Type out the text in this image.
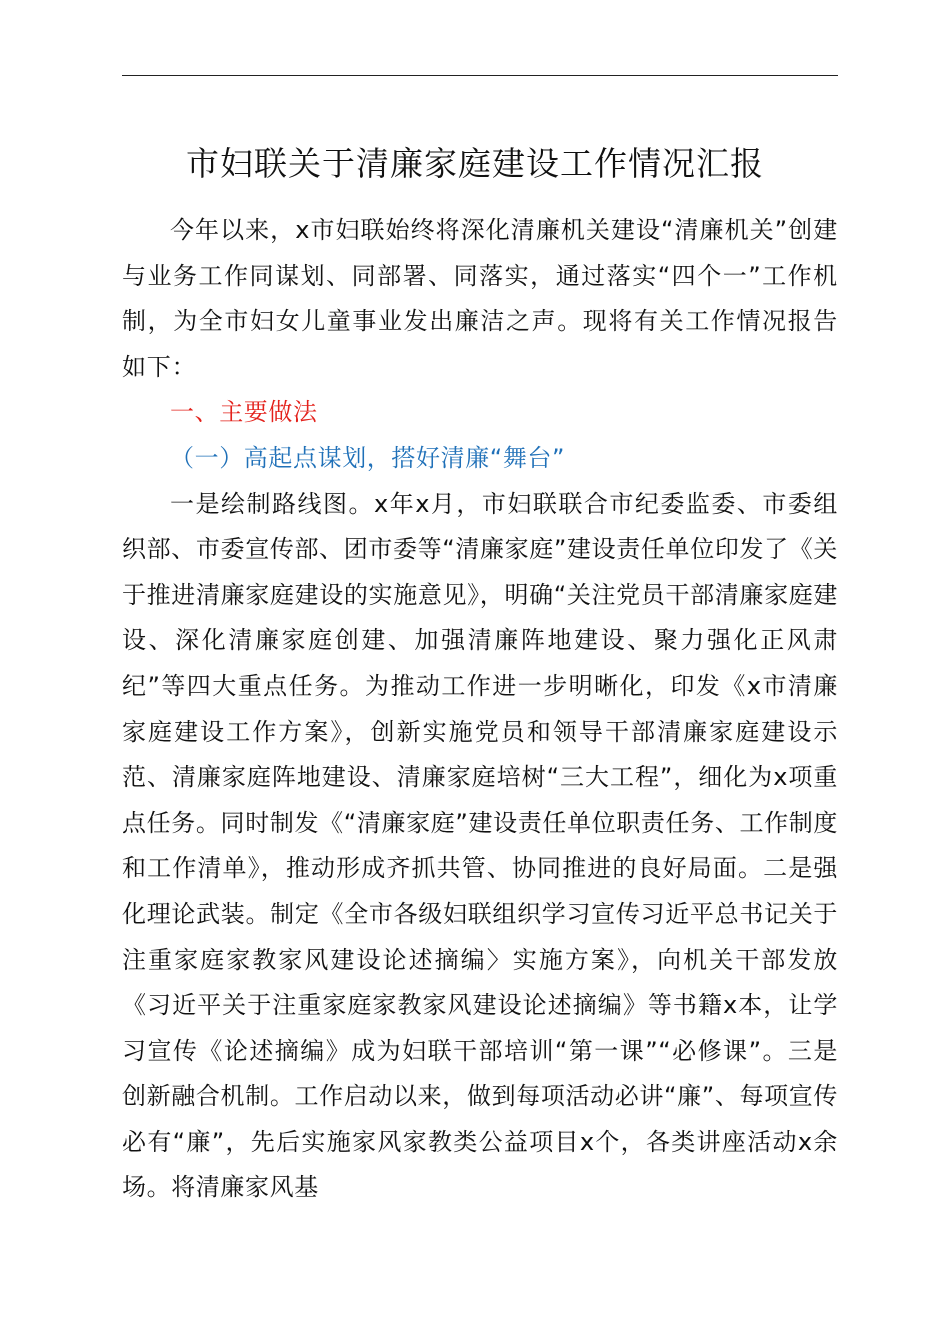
市妇联关于清廉家庭建设工作情况汇报

今年以来，x市妇联始终将深化清廉机关建设“清廉机关”创建与业务工作同谋划、同部署、同落实，通过落实“四个一”工作机制，为全市妇女儿童事业发出廉洁之声。现将有关工作情况报告如下：

一、主要做法

（一）高起点谋划，搭好清廉“舞台”

一是绘制路线图。x年x月，市妇联联合市纪委监委、市委组织部、市委宣传部、团市委等“清廉家庭”建设责任单位印发了《关于推进清廉家庭建设的实施意见》，明确“关注党员干部清廉家庭建设、深化清廉家庭创建、加强清廉阵地建设、聚力强化正风肃纪”等四大重点任务。为推动工作进一步明晰化，印发《x市清廉家庭建设工作方案》，创新实施党员和领导干部清廉家庭建设示范、清廉家庭阵地建设、清廉家庭培树“三大工程”，细化为x项重点任务。同时制发《“清廉家庭”建设责任单位职责任务、工作制度和工作清单》，推动形成齐抓共管、协同推进的良好局面。二是强化理论武装。制定《全市各级妇联组织学习宣传习近平总书记关于注重家庭家教家风建设论述摘编〉实施方案》，向机关干部发放《习近平关于注重家庭家教家风建设论述摘编》等书籍x本，让学习宣传《论述摘编》成为妇联干部培训“第一课”“必修课”。三是创新融合机制。工作启动以来，做到每项活动必讲“廉”、每项宣传必有“廉”，先后实施家风家教类公益项目x个，各类讲座活动x余场。将清廉家风基
